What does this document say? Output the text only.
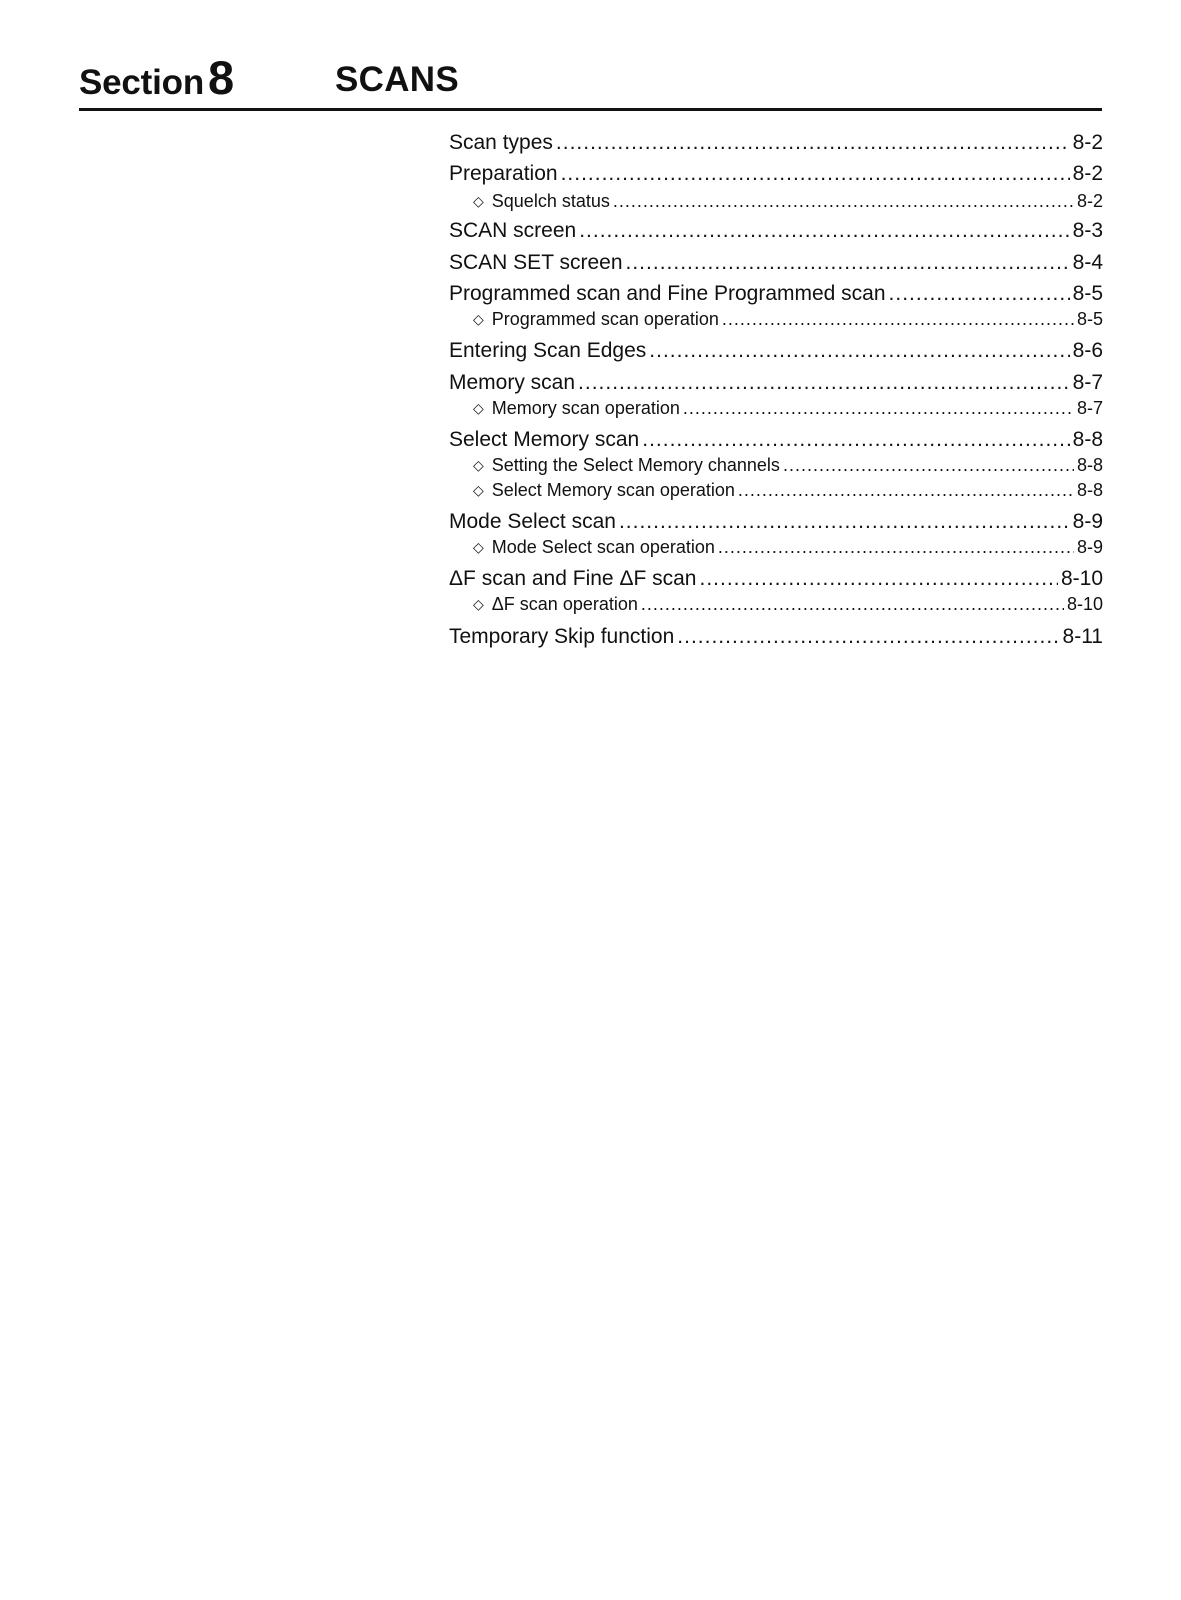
Section8	SCANS
Scan types .....	8-2
Preparation .....	8-2
◇ Squelch status .....	8-2
SCAN screen .....	8-3
SCAN SET screen .....	8-4
Programmed scan and Fine Programmed scan .....	8-5
◇ Programmed scan operation .....	8-5
Entering Scan Edges .....	8-6
Memory scan .....	8-7
◇ Memory scan operation .....	8-7
Select Memory scan .....	8-8
◇ Setting the Select Memory channels .....	8-8
◇ Select Memory scan operation .....	8-8
Mode Select scan .....	8-9
◇ Mode Select scan operation .....	8-9
ΔF scan and Fine ΔF scan .....	8-10
◇ ΔF scan operation .....	8-10
Temporary Skip function .....	8-11
